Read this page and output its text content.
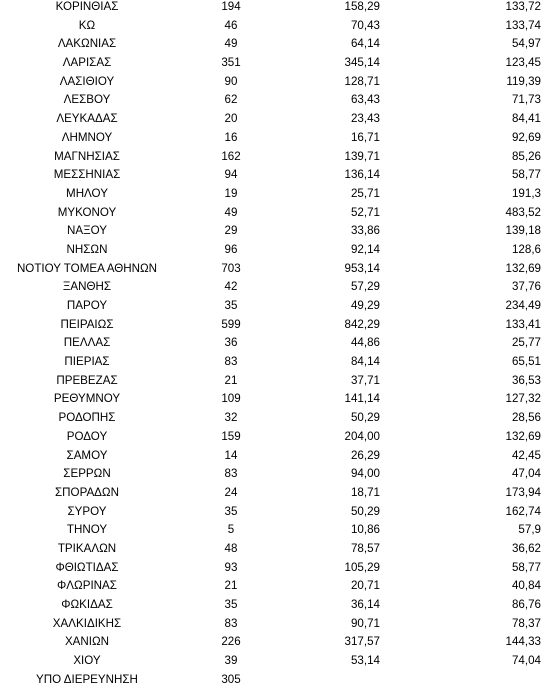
ΚΟΡΙΝΘΙΑΣ	194	158,29	133,72
ΚΩ	46	70,43	133,74
ΛΑΚΩΝΙΑΣ	49	64,14	54,97
ΛΑΡΙΣΑΣ	351	345,14	123,45
ΛΑΣΙΘΙΟΥ	90	128,71	119,39
ΛΕΣΒΟΥ	62	63,43	71,73
ΛΕΥΚΑΔΑΣ	20	23,43	84,41
ΛΗΜΝΟΥ	16	16,71	92,69
ΜΑΓΝΗΣΙΑΣ	162	139,71	85,26
ΜΕΣΣΗΝΙΑΣ	94	136,14	58,77
ΜΗΛΟΥ	19	25,71	191,3
ΜΥΚΟΝΟΥ	49	52,71	483,52
ΝΑΞΟΥ	29	33,86	139,18
ΝΗΣΩΝ	96	92,14	128,6
ΝΟΤΙΟΥ ΤΟΜΕΑ ΑΘΗΝΩΝ	703	953,14	132,69
ΞΑΝΘΗΣ	42	57,29	37,76
ΠΑΡΟΥ	35	49,29	234,49
ΠΕΙΡΑΙΩΣ	599	842,29	133,41
ΠΕΛΛΑΣ	36	44,86	25,77
ΠΙΕΡΙΑΣ	83	84,14	65,51
ΠΡΕΒΕΖΑΣ	21	37,71	36,53
ΡΕΘΥΜΝΟΥ	109	141,14	127,32
ΡΟΔΟΠΗΣ	32	50,29	28,56
ΡΟΔΟΥ	159	204,00	132,69
ΣΑΜΟΥ	14	26,29	42,45
ΣΕΡΡΩΝ	83	94,00	47,04
ΣΠΟΡΑΔΩΝ	24	18,71	173,94
ΣΥΡΟΥ	35	50,29	162,74
ΤΗΝΟΥ	5	10,86	57,9
ΤΡΙΚΑΛΩΝ	48	78,57	36,62
ΦΘΙΩΤΙΔΑΣ	93	105,29	58,77
ΦΛΩΡΙΝΑΣ	21	20,71	40,84
ΦΩΚΙΔΑΣ	35	36,14	86,76
ΧΑΛΚΙΔΙΚΗΣ	83	90,71	78,37
ΧΑΝΙΩΝ	226	317,57	144,33
ΧΙΟΥ	39	53,14	74,04
ΥΠΟ ΔΙΕΡΕΥΝΗΣΗ	305
